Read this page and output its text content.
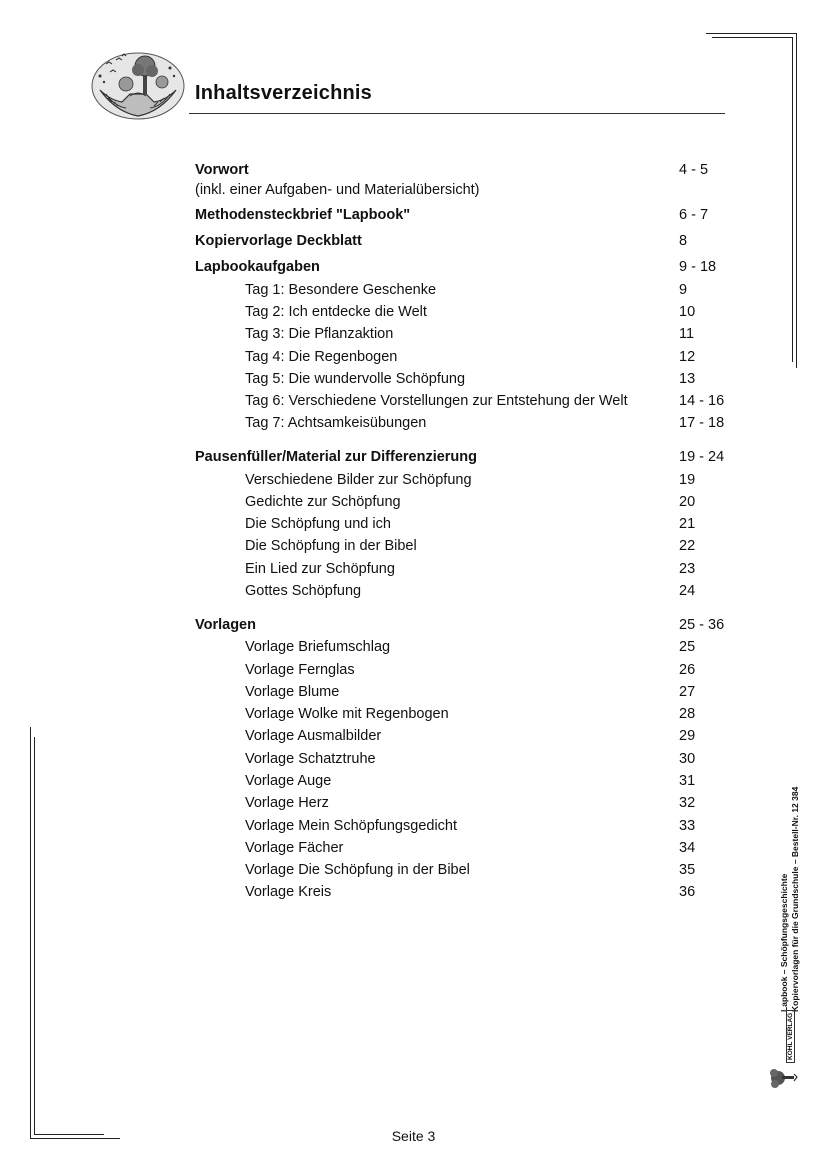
Inhaltsverzeichnis
Vorwort	4 - 5
(inkl. einer Aufgaben- und Materialübersicht)
Methodensteckbrief "Lapbook"	6 - 7
Kopiervorlage Deckblatt	8
Lapbookaufgaben	9 - 18
Tag 1: Besondere Geschenke	9
Tag 2: Ich entdecke die Welt	10
Tag 3: Die Pflanzaktion	11
Tag 4: Die Regenbogen	12
Tag 5: Die wundervolle Schöpfung	13
Tag 6: Verschiedene Vorstellungen zur Entstehung der Welt	14 - 16
Tag 7: Achtsamkeisübungen	17 - 18
Pausenfüller/Material zur Differenzierung	19 - 24
Verschiedene Bilder zur Schöpfung	19
Gedichte zur Schöpfung	20
Die Schöpfung und ich	21
Die Schöpfung in der Bibel	22
Ein Lied zur Schöpfung	23
Gottes Schöpfung	24
Vorlagen	25 - 36
Vorlage Briefumschlag	25
Vorlage Fernglas	26
Vorlage Blume	27
Vorlage Wolke mit Regenbogen	28
Vorlage Ausmalbilder	29
Vorlage Schatztruhe	30
Vorlage Auge	31
Vorlage Herz	32
Vorlage Mein Schöpfungsgedicht	33
Vorlage Fächer	34
Vorlage Die Schöpfung in der Bibel	35
Vorlage Kreis	36	Lapbook – Schöpfungsgeschichte Kopiervorlagen für die Grundschule – Bestell-Nr. 12 384
KOHL VERLAG
Seite 3
